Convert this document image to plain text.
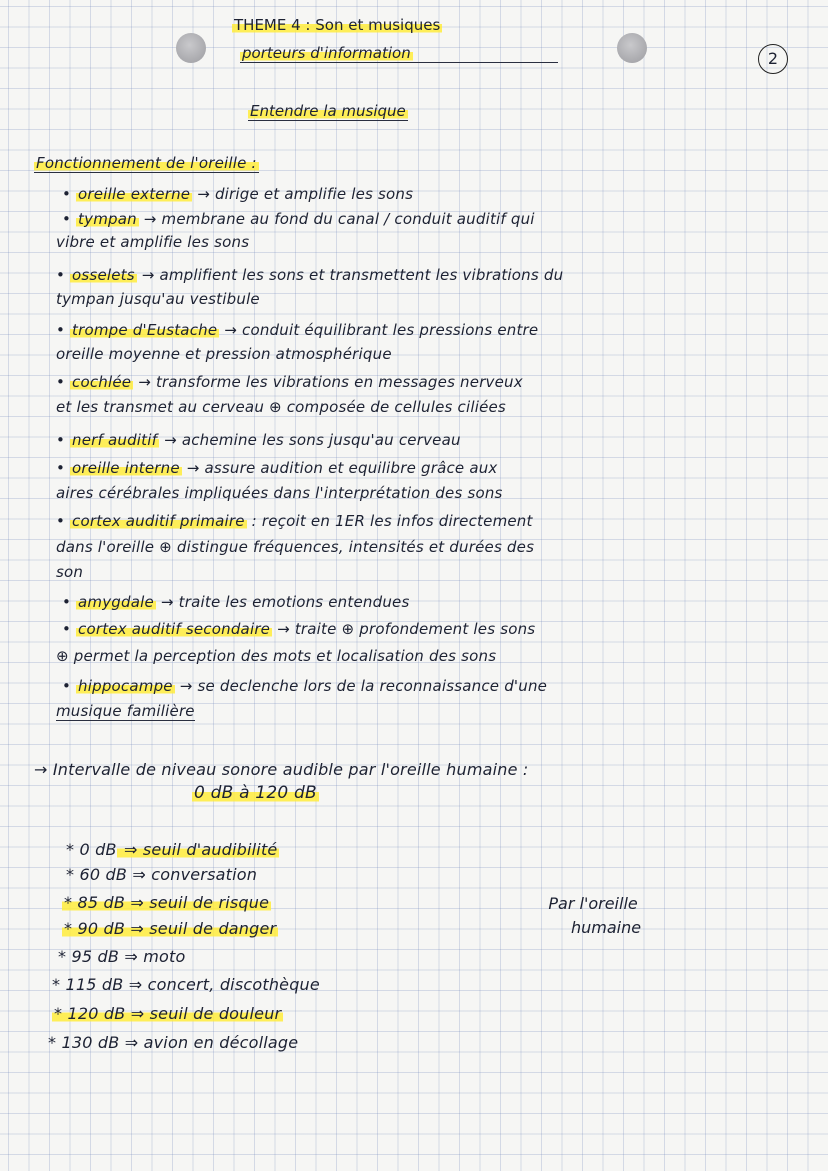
THEME 4 : Son et musiques
porteurs d'information
Entendre la musique
2
Fonctionnement de l'oreille :
• oreille externe → dirige et amplifie les sons
• tympan → membrane au fond du canal / conduit auditif qui
vibre et amplifie les sons
• osselets → amplifient les sons et transmettent les vibrations du
tympan jusqu'au vestibule
• trompe d'Eustache → conduit équilibrant les pressions entre
oreille moyenne et pression atmosphérique
• cochlée → transforme les vibrations en messages nerveux
et les transmet au cerveau ⊕ composée de cellules ciliées
• nerf auditif → achemine les sons jusqu'au cerveau
• oreille interne → assure audition et equilibre grâce aux
aires cérébrales impliquées dans l'interprétation des sons
• cortex auditif primaire : reçoit en 1ER les infos directement
dans l'oreille ⊕ distingue fréquences, intensités et durées des
son
• amygdale → traite les emotions entendues
• cortex auditif secondaire → traite ⊕ profondement les sons
⊕ permet la perception des mots et localisation des sons
• hippocampe → se declenche lors de la reconnaissance d'une
musique familière
→ Intervalle de niveau sonore audible par l'oreille humaine :
0 dB à 120 dB
* 0 dB ⇒ seuil d'audibilité
* 60 dB ⇒ conversation
* 85 dB ⇒ seuil de risque
* 90 dB ⇒ seuil de danger
* 95 dB ⇒ moto
* 115 dB ⇒ concert, discothèque
* 120 dB ⇒ seuil de douleur
* 130 dB ⇒ avion en décollage
Par l'oreille
humaine
